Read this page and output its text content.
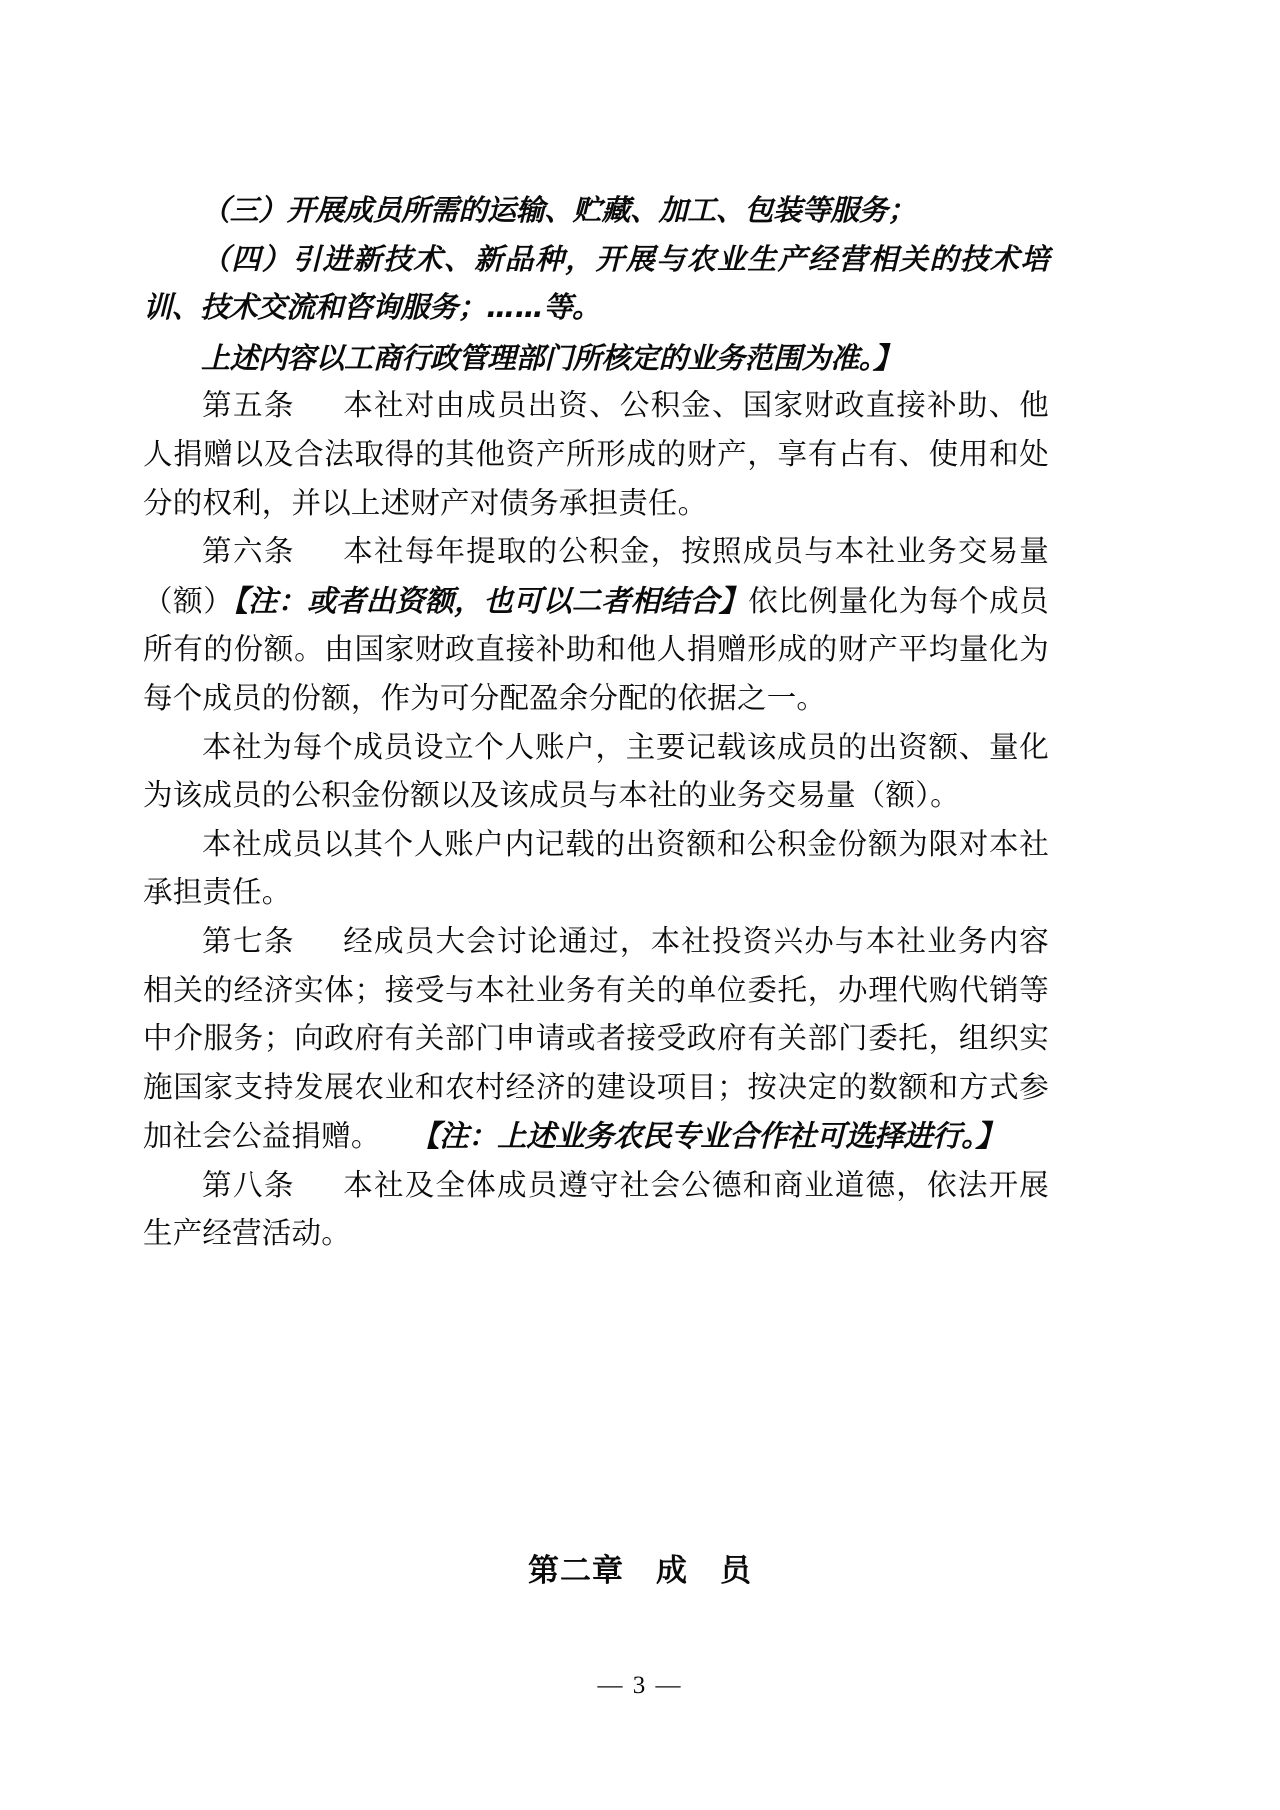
（三）开展成员所需的运输、贮藏、加工、包装等服务；

（四）引进新技术、新品种，开展与农业生产经营相关的技术培训、技术交流和咨询服务；……等。

上述内容以工商行政管理部门所核定的业务范围为准。】

第五条 本社对由成员出资、公积金、国家财政直接补助、他人捐赠以及合法取得的其他资产所形成的财产，享有占有、使用和处分的权利，并以上述财产对债务承担责任。

第六条 本社每年提取的公积金，按照成员与本社业务交易量（额）【注：或者出资额，也可以二者相结合】依比例量化为每个成员所有的份额。由国家财政直接补助和他人捐赠形成的财产平均量化为每个成员的份额，作为可分配盈余分配的依据之一。

本社为每个成员设立个人账户，主要记载该成员的出资额、量化为该成员的公积金份额以及该成员与本社的业务交易量（额）。

本社成员以其个人账户内记载的出资额和公积金份额为限对本社承担责任。

第七条 经成员大会讨论通过，本社投资兴办与本社业务内容相关的经济实体；接受与本社业务有关的单位委托，办理代购代销等中介服务；向政府有关部门申请或者接受政府有关部门委托，组织实施国家支持发展农业和农村经济的建设项目；按决定的数额和方式参加社会公益捐赠。 【注：上述业务农民专业合作社可选择进行。】

第八条 本社及全体成员遵守社会公德和商业道德，依法开展生产经营活动。

第二章　成　员
— 3 —
